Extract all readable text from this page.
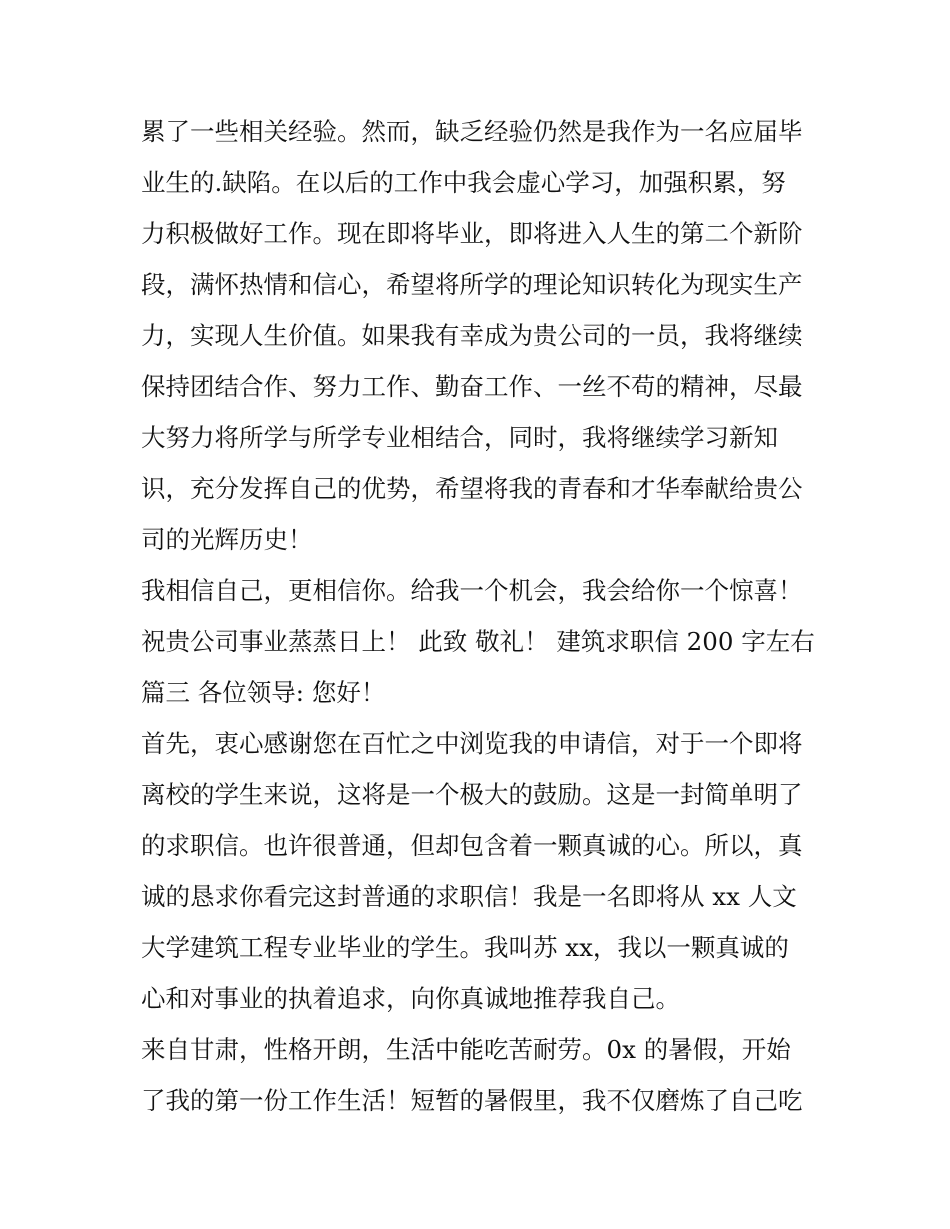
累了一些相关经验。然而，缺乏经验仍然是我作为一名应届毕
业生的.缺陷。在以后的工作中我会虚心学习，加强积累，努
力积极做好工作。现在即将毕业，即将进入人生的第二个新阶
段，满怀热情和信心，希望将所学的理论知识转化为现实生产
力，实现人生价值。如果我有幸成为贵公司的一员，我将继续
保持团结合作、努力工作、勤奋工作、一丝不苟的精神，尽最
大努力将所学与所学专业相结合，同时，我将继续学习新知
识，充分发挥自己的优势，希望将我的青春和才华奉献给贵公
司的光辉历史！
我相信自己，更相信你。给我一个机会，我会给你一个惊喜！
祝贵公司事业蒸蒸日上！ 此致 敬礼！ 建筑求职信 200 字左右
篇三 各位领导: 您好！
首先，衷心感谢您在百忙之中浏览我的申请信，对于一个即将
离校的学生来说，这将是一个极大的鼓励。这是一封简单明了
的求职信。也许很普通，但却包含着一颗真诚的心。所以，真
诚的恳求你看完这封普通的求职信！我是一名即将从 xx 人文
大学建筑工程专业毕业的学生。我叫苏 xx，我以一颗真诚的
心和对事业的执着追求，向你真诚地推荐我自己。
来自甘肃，性格开朗，生活中能吃苦耐劳。0x 的暑假，开始
了我的第一份工作生活！短暂的暑假里，我不仅磨炼了自己吃
